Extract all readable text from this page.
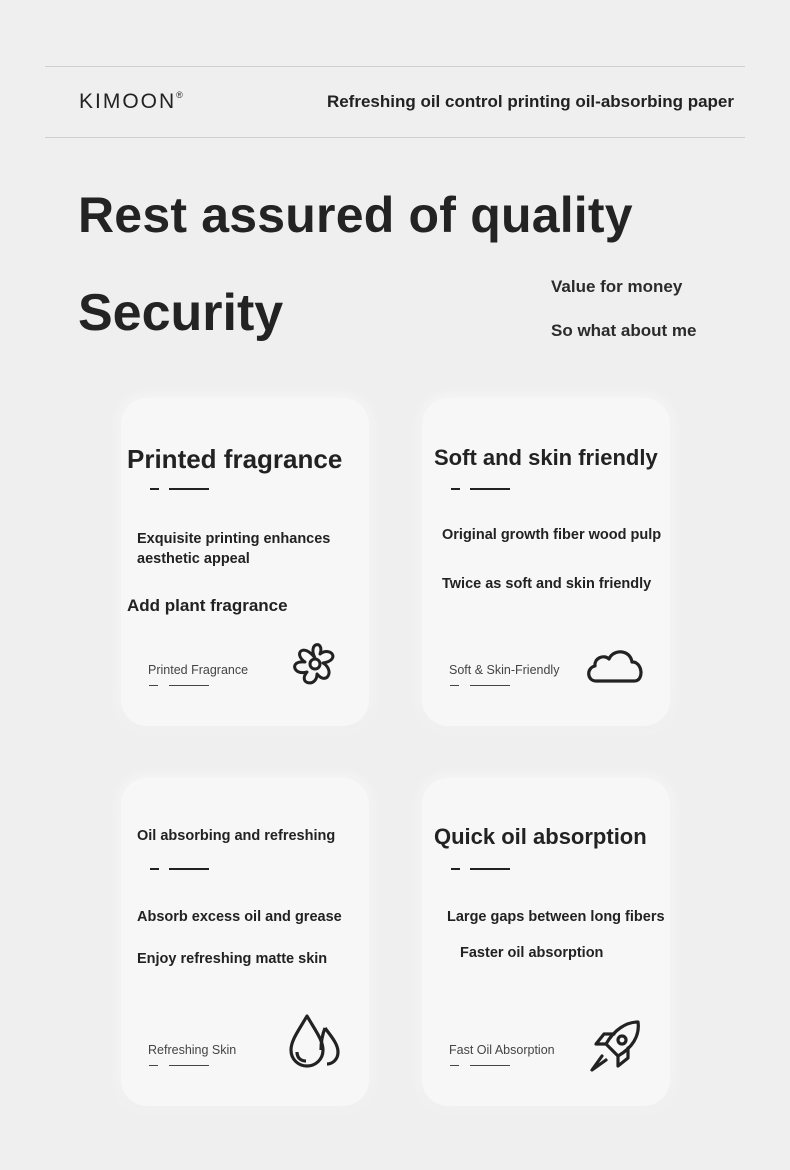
KIMOON®	Refreshing oil control printing oil-absorbing paper
Rest assured of quality
Security	Value for money
So what about me
Printed fragrance
Exquisite printing enhances
aesthetic appeal
Add plant fragrance
Printed Fragrance
Soft and skin friendly
Original growth fiber wood pulp
Twice as soft and skin friendly
Soft & Skin-Friendly
Oil absorbing and refreshing
Absorb excess oil and grease
Enjoy refreshing matte skin
Refreshing Skin
Quick oil absorption
Large gaps between long fibers
Faster oil absorption
Fast Oil Absorption
